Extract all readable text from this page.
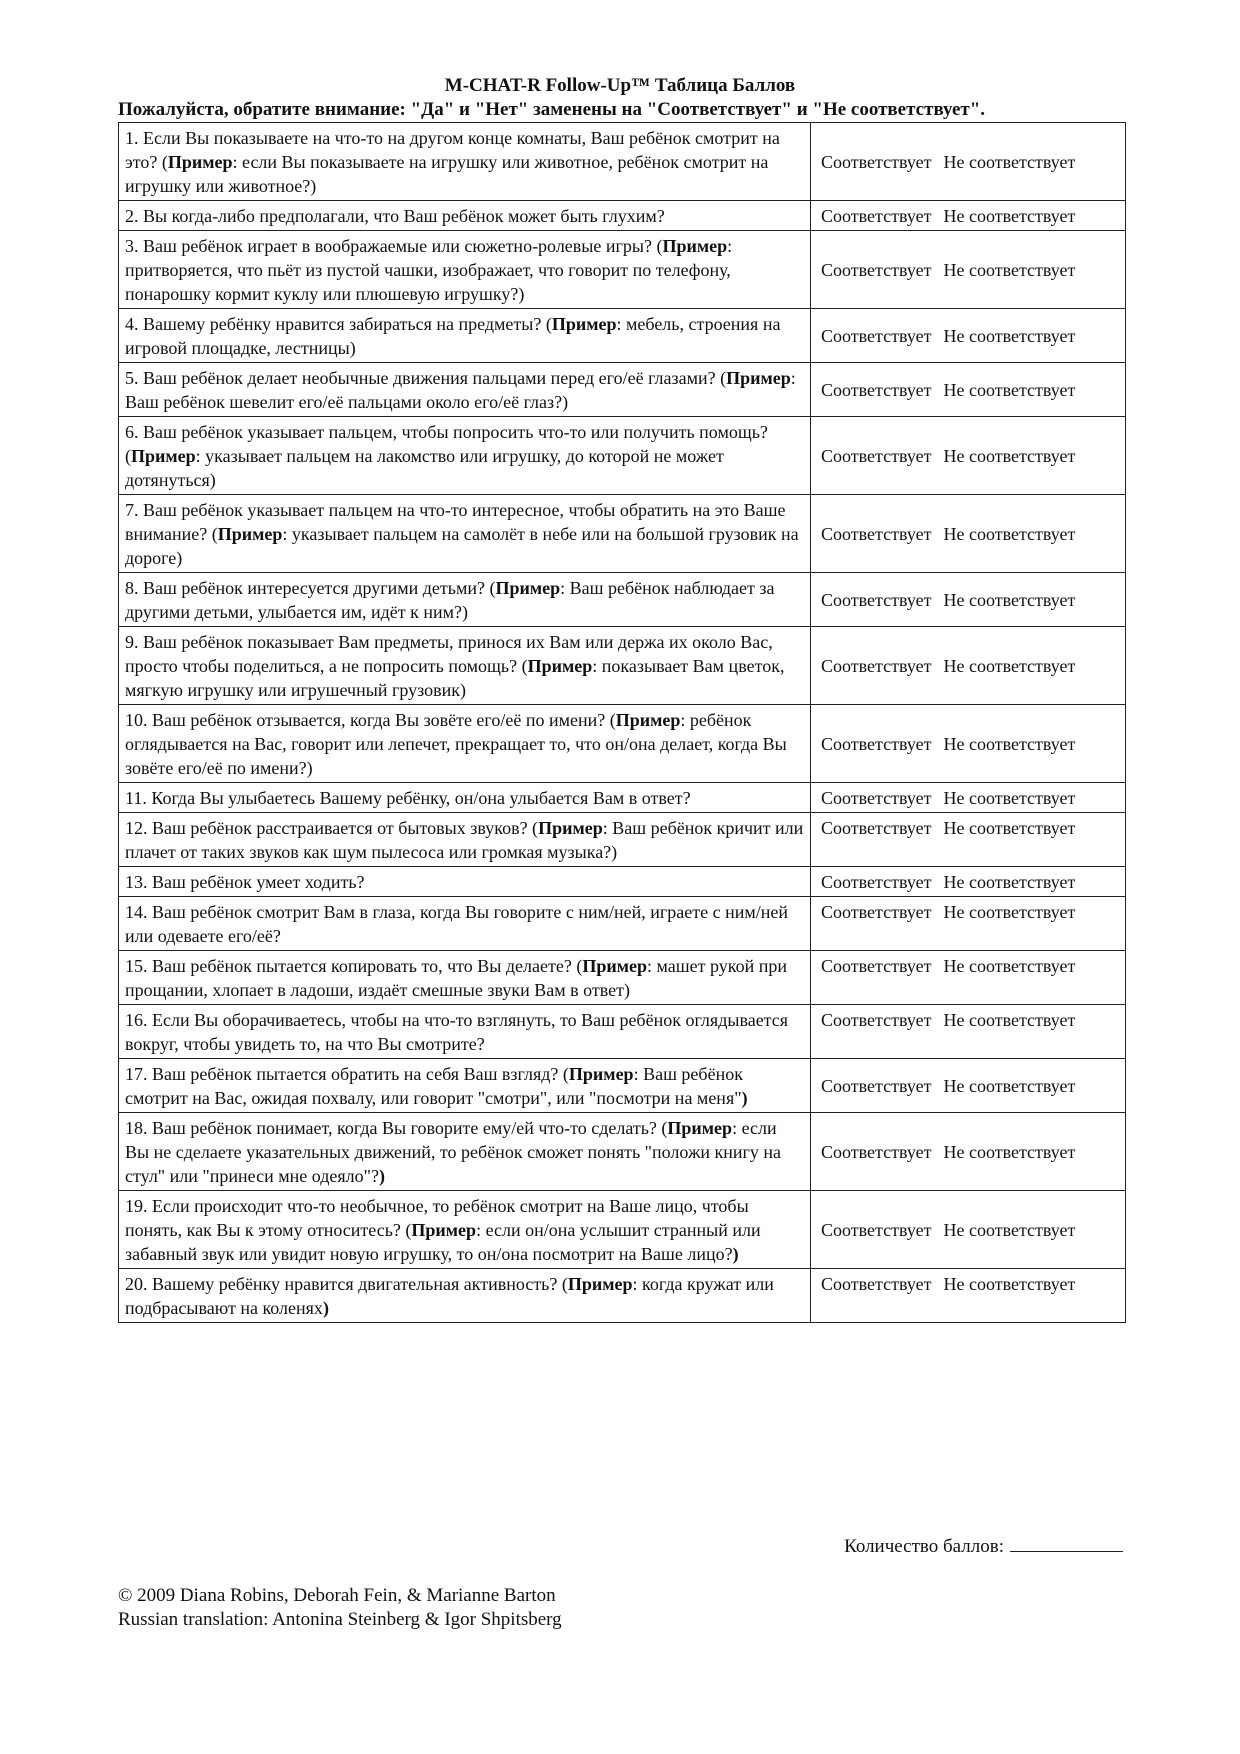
M-CHAT-R Follow-Up™ Таблица Баллов
Пожалуйста, обратите внимание: "Да" и "Нет" заменены на "Соответствует" и "Не соответствует".
1. Если Вы показываете на что-то на другом конце комнаты, Ваш ребёнок смотрит на это? (Пример: если Вы показываете на игрушку или животное, ребёнок смотрит на игрушку или животное?)	Соответствует Не соответствует
2. Вы когда-либо предполагали, что Ваш ребёнок может быть глухим?	Соответствует Не соответствует
3. Ваш ребёнок играет в воображаемые или сюжетно-ролевые игры? (Пример: притворяется, что пьёт из пустой чашки, изображает, что говорит по телефону, понарошку кормит куклу или плюшевую игрушку?)	Соответствует Не соответствует
4. Вашему ребёнку нравится забираться на предметы? (Пример: мебель, строения на игровой площадке, лестницы)	Соответствует Не соответствует
5. Ваш ребёнок делает необычные движения пальцами перед его/её глазами? (Пример: Ваш ребёнок шевелит его/её пальцами около его/её глаз?)	Соответствует Не соответствует
6. Ваш ребёнок указывает пальцем, чтобы попросить что-то или получить помощь? (Пример: указывает пальцем на лакомство или игрушку, до которой не может дотянуться)	Соответствует Не соответствует
7. Ваш ребёнок указывает пальцем на что-то интересное, чтобы обратить на это Ваше внимание? (Пример: указывает пальцем на самолёт в небе или на большой грузовик на дороге)	Соответствует Не соответствует
8. Ваш ребёнок интересуется другими детьми? (Пример: Ваш ребёнок наблюдает за другими детьми, улыбается им, идёт к ним?)	Соответствует Не соответствует
9. Ваш ребёнок показывает Вам предметы, принося их Вам или держа их около Вас, просто чтобы поделиться, а не попросить помощь? (Пример: показывает Вам цветок, мягкую игрушку или игрушечный грузовик)	Соответствует Не соответствует
10. Ваш ребёнок отзывается, когда Вы зовёте его/её по имени? (Пример: ребёнок оглядывается на Вас, говорит или лепечет, прекращает то, что он/она делает, когда Вы зовёте его/её по имени?)	Соответствует Не соответствует
11. Когда Вы улыбаетесь Вашему ребёнку, он/она улыбается Вам в ответ?	Соответствует Не соответствует
12. Ваш ребёнок расстраивается от бытовых звуков? (Пример: Ваш ребёнок кричит или плачет от таких звуков как шум пылесоса или громкая музыка?)	Соответствует Не соответствует
13. Ваш ребёнок умеет ходить?	Соответствует Не соответствует
14. Ваш ребёнок смотрит Вам в глаза, когда Вы говорите с ним/ней, играете с ним/ней или одеваете его/её?	Соответствует Не соответствует
15. Ваш ребёнок пытается копировать то, что Вы делаете? (Пример: машет рукой при прощании, хлопает в ладоши, издаёт смешные звуки Вам в ответ)	Соответствует Не соответствует
16. Если Вы оборачиваетесь, чтобы на что-то взглянуть, то Ваш ребёнок оглядывается вокруг, чтобы увидеть то, на что Вы смотрите?	Соответствует Не соответствует
17. Ваш ребёнок пытается обратить на себя Ваш взгляд? (Пример: Ваш ребёнок смотрит на Вас, ожидая похвалу, или говорит "смотри", или "посмотри на меня")	Соответствует Не соответствует
18. Ваш ребёнок понимает, когда Вы говорите ему/ей что-то сделать? (Пример: если Вы не сделаете указательных движений, то ребёнок сможет понять "положи книгу на стул" или "принеси мне одеяло"?)	Соответствует Не соответствует
19. Если происходит что-то необычное, то ребёнок смотрит на Ваше лицо, чтобы понять, как Вы к этому относитесь? (Пример: если он/она услышит странный или забавный звук или увидит новую игрушку, то он/она посмотрит на Ваше лицо?)	Соответствует Не соответствует
20. Вашему ребёнку нравится двигательная активность? (Пример: когда кружат или подбрасывают на коленях)	Соответствует Не соответствует
Количество баллов:
© 2009 Diana Robins, Deborah Fein, & Marianne Barton
Russian translation: Antonina Steinberg & Igor Shpitsberg
